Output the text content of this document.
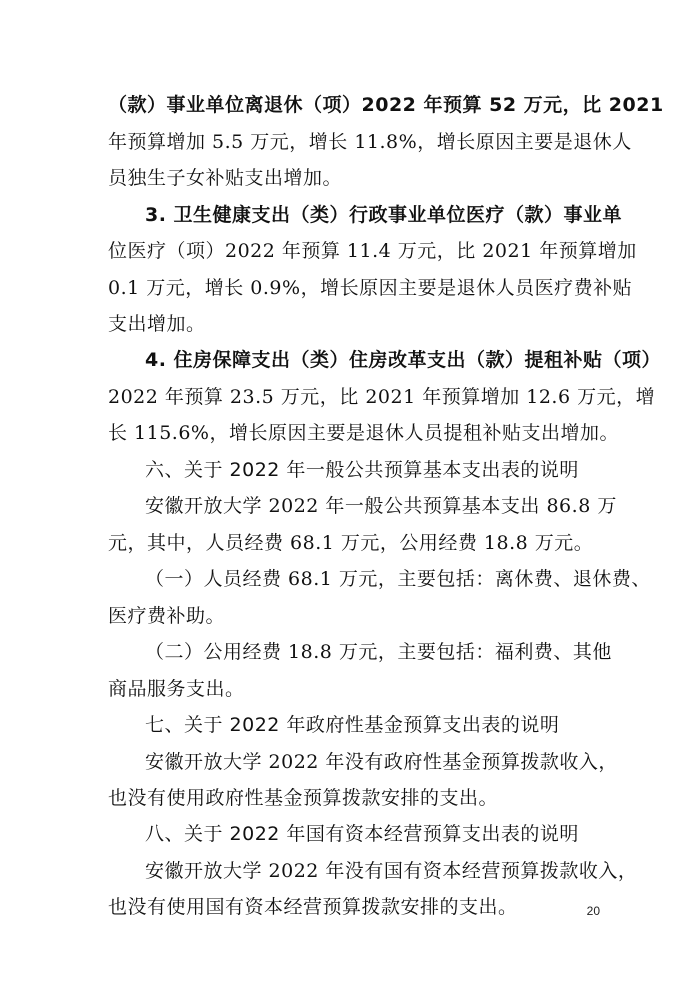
（款）事业单位离退休（项）2022 年预算 52 万元，比 2021
年预算增加 5.5 万元，增长 11.8%，增长原因主要是退休人
员独生子女补贴支出增加。
3. 卫生健康支出（类）行政事业单位医疗（款）事业单
位医疗（项）2022 年预算 11.4 万元，比 2021 年预算增加
0.1 万元，增长 0.9%，增长原因主要是退休人员医疗费补贴
支出增加。
4. 住房保障支出（类）住房改革支出（款）提租补贴（项）
2022 年预算 23.5 万元，比 2021 年预算增加 12.6 万元，增
长 115.6%，增长原因主要是退休人员提租补贴支出增加。
六、关于 2022 年一般公共预算基本支出表的说明
安徽开放大学 2022 年一般公共预算基本支出 86.8 万
元，其中，人员经费 68.1 万元，公用经费 18.8 万元。
（一）人员经费 68.1 万元，主要包括：离休费、退休费、
医疗费补助。
（二）公用经费 18.8 万元，主要包括：福利费、其他
商品服务支出。
七、关于 2022 年政府性基金预算支出表的说明
安徽开放大学 2022 年没有政府性基金预算拨款收入，
也没有使用政府性基金预算拨款安排的支出。
八、关于 2022 年国有资本经营预算支出表的说明
安徽开放大学 2022 年没有国有资本经营预算拨款收入，
也没有使用国有资本经营预算拨款安排的支出。	20
